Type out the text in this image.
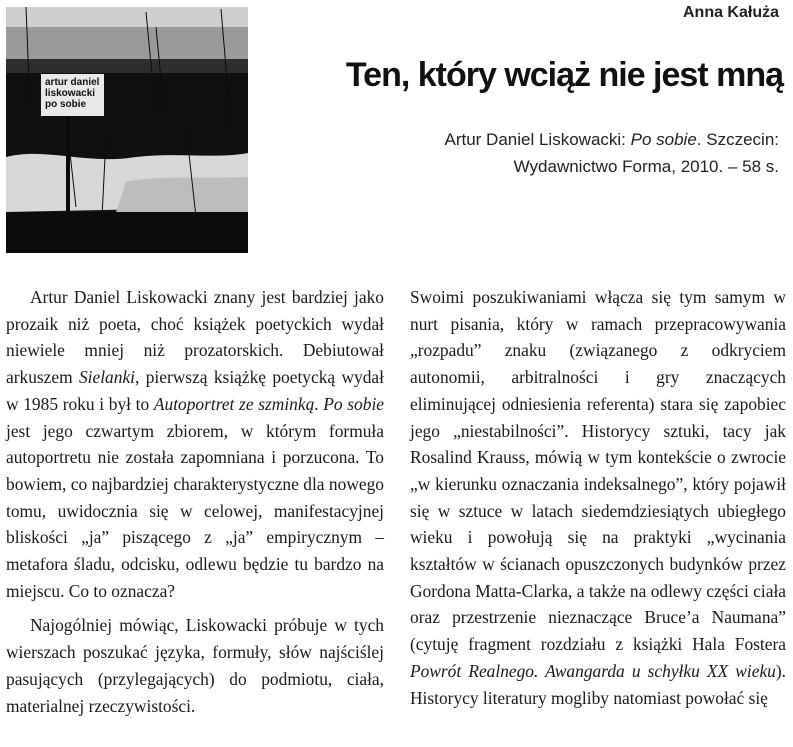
artur daniel
liskowacki
po sobie
Anna Kałuża
Ten, który wciąż nie jest mną
Artur Daniel Liskowacki: Po sobie. Szczecin:
Wydawnictwo Forma, 2010. – 58 s.

Artur Daniel Liskowacki znany jest bardziej jako prozaik niż poeta, choć książek poetyckich wydał niewiele mniej niż prozatorskich. Debiutował arkuszem Sielanki, pierwszą książkę poetycką wydał w 1985 roku i był to Autoportret ze szminką. Po sobie jest jego czwartym zbiorem, w którym formuła autoportretu nie została zapomniana i porzucona. To bowiem, co najbardziej charakterystyczne dla nowego tomu, uwidocznia się w celowej, manifestacyjnej bliskości „ja” piszącego z „ja” empirycznym – metafora śladu, odcisku, odlewu będzie tu bardzo na miejscu. Co to oznacza?

Najogólniej mówiąc, Liskowacki próbuje w tych wierszach poszukać języka, formuły, słów najściślej pasujących (przylegających) do podmiotu, ciała, materialnej rzeczywistości.

Swoimi poszukiwaniami włącza się tym samym w nurt pisania, który w ramach przepracowywania „rozpadu” znaku (związanego z odkryciem autonomii, arbitralności i gry znaczących eliminującej odniesienia referenta) stara się zapobiec jego „niestabilności”. Historycy sztuki, tacy jak Rosalind Krauss, mówią w tym kontekście o zwrocie „w kierunku oznaczania indeksalnego”, który pojawił się w sztuce w latach siedemdziesiątych ubiegłego wieku i powołują się na praktyki „wycinania kształtów w ścianach opuszczonych budynków przez Gordona Matta-Clarka, a także na odlewy części ciała oraz przestrzenie nieznaczące Bruce’a Naumana” (cytuję fragment rozdziału z książki Hala Fostera Powrót Realnego. Awangarda u schyłku XX wieku). Historycy literatury mogliby natomiast powołać się
